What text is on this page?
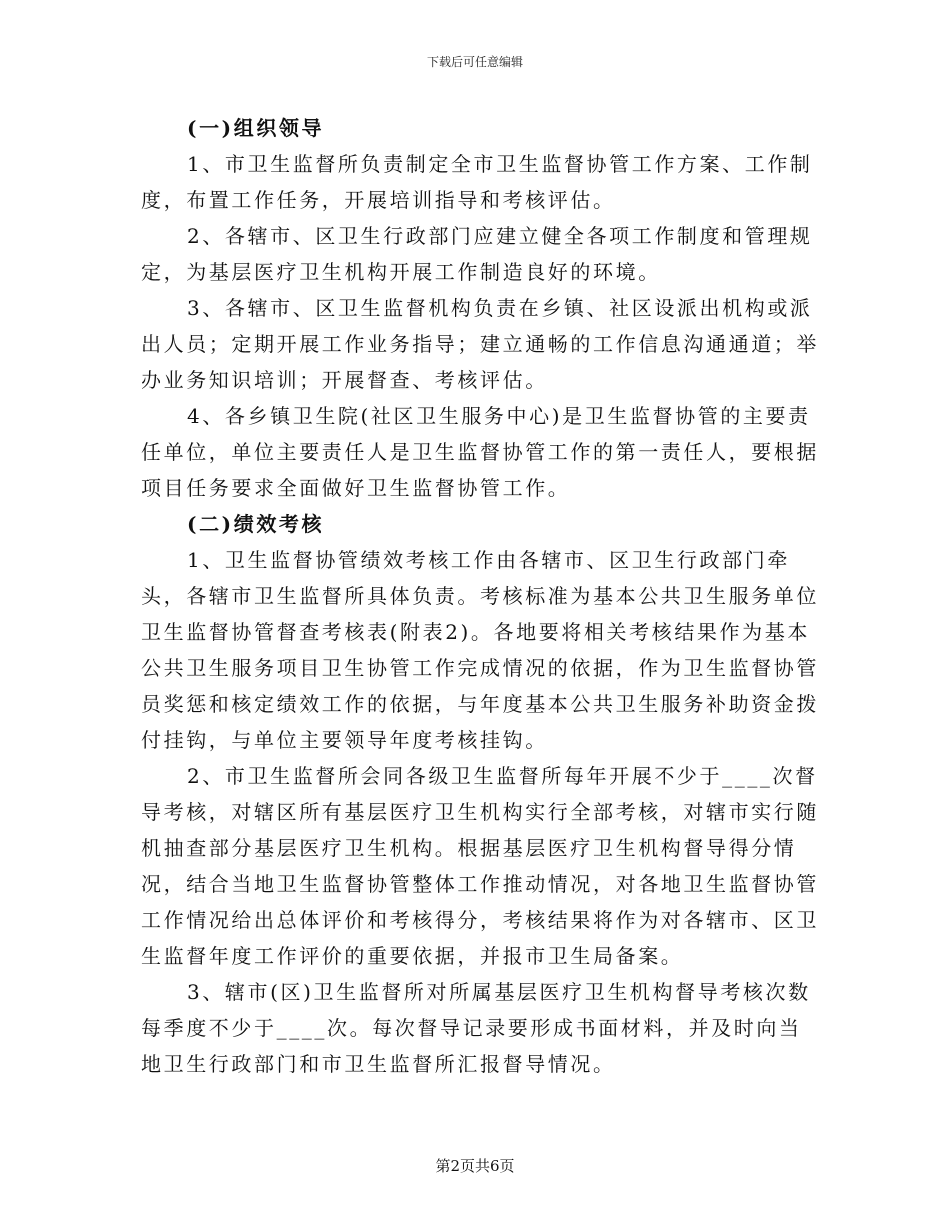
下载后可任意编辑

(一)组织领导

1、市卫生监督所负责制定全市卫生监督协管工作方案、工作制度，布置工作任务，开展培训指导和考核评估。

2、各辖市、区卫生行政部门应建立健全各项工作制度和管理规定，为基层医疗卫生机构开展工作制造良好的环境。

3、各辖市、区卫生监督机构负责在乡镇、社区设派出机构或派出人员；定期开展工作业务指导；建立通畅的工作信息沟通通道；举办业务知识培训；开展督查、考核评估。

4、各乡镇卫生院(社区卫生服务中心)是卫生监督协管的主要责任单位，单位主要责任人是卫生监督协管工作的第一责任人，要根据项目任务要求全面做好卫生监督协管工作。

(二)绩效考核

1、卫生监督协管绩效考核工作由各辖市、区卫生行政部门牵头，各辖市卫生监督所具体负责。考核标准为基本公共卫生服务单位卫生监督协管督查考核表(附表2)。各地要将相关考核结果作为基本公共卫生服务项目卫生协管工作完成情况的依据，作为卫生监督协管员奖惩和核定绩效工作的依据，与年度基本公共卫生服务补助资金拨付挂钩，与单位主要领导年度考核挂钩。

2、市卫生监督所会同各级卫生监督所每年开展不少于____次督导考核，对辖区所有基层医疗卫生机构实行全部考核，对辖市实行随机抽查部分基层医疗卫生机构。根据基层医疗卫生机构督导得分情况，结合当地卫生监督协管整体工作推动情况，对各地卫生监督协管工作情况给出总体评价和考核得分，考核结果将作为对各辖市、区卫生监督年度工作评价的重要依据，并报市卫生局备案。

3、辖市(区)卫生监督所对所属基层医疗卫生机构督导考核次数每季度不少于____次。每次督导记录要形成书面材料，并及时向当地卫生行政部门和市卫生监督所汇报督导情况。

第2页共6页
